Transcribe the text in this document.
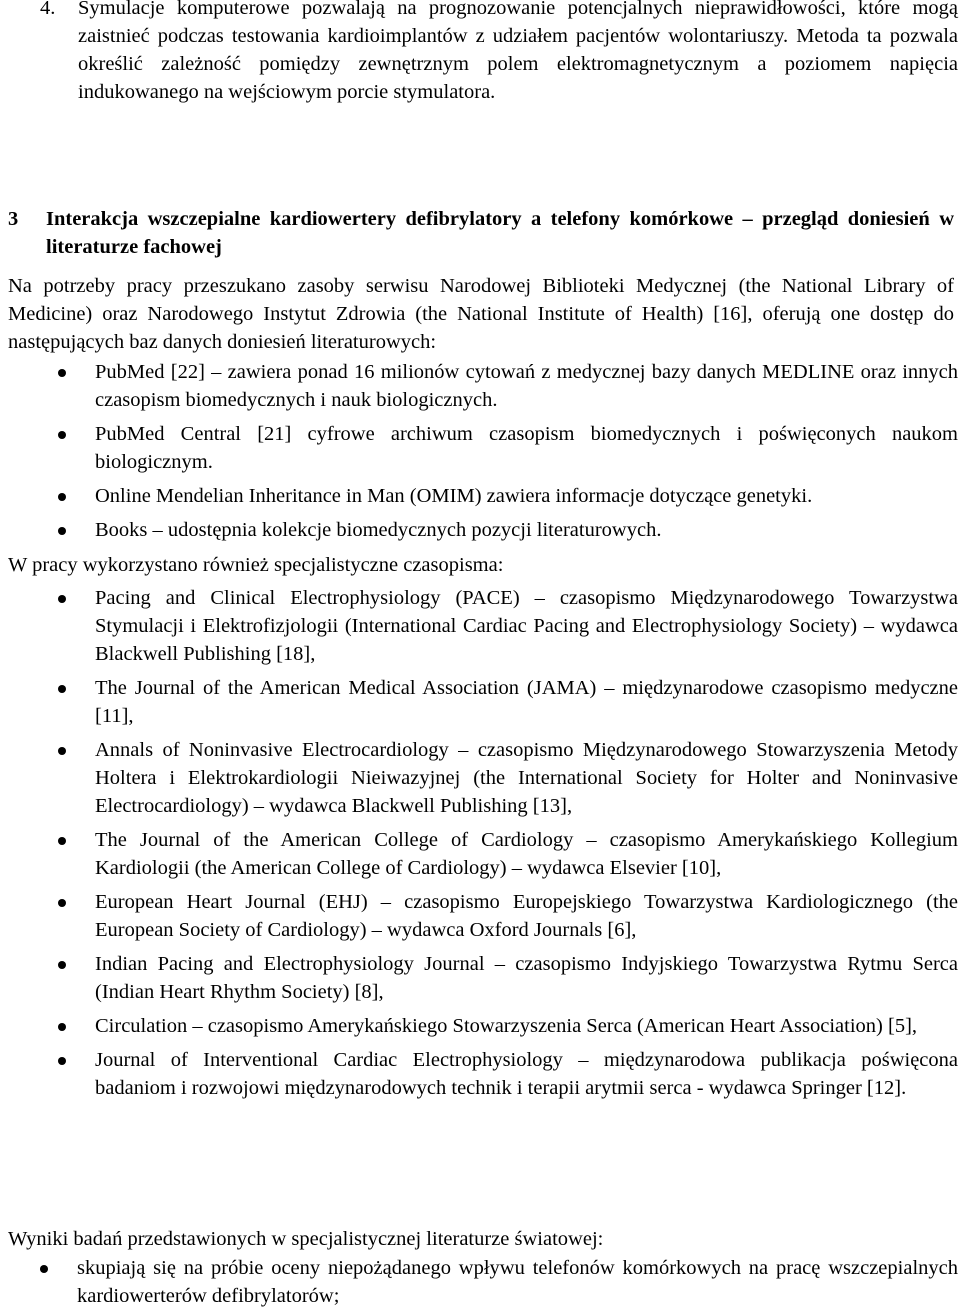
4.	Symulacje komputerowe pozwalają na prognozowanie potencjalnych nieprawidłowości, które mogą zaistnieć podczas testowania kardioimplantów z udziałem pacjentów wolontariuszy. Metoda ta pozwala określić zależność pomiędzy zewnętrznym polem elektromagnetycznym a poziomem napięcia indukowanego na wejściowym porcie stymulatora.
3	Interakcja wszczepialne kardiowertery defibrylatory a telefony komórkowe – przegląd doniesień w literaturze fachowej
Na potrzeby pracy przeszukano zasoby serwisu Narodowej Biblioteki Medycznej (the National Library of Medicine) oraz Narodowego Instytut Zdrowia (the National Institute of Health) [16], oferują one dostęp do następujących baz danych doniesień literaturowych:
PubMed [22] – zawiera ponad 16 milionów cytowań z medycznej bazy danych MEDLINE oraz innych czasopism biomedycznych i nauk biologicznych.
PubMed Central [21] cyfrowe archiwum czasopism biomedycznych i poświęconych naukom biologicznym.
Online Mendelian Inheritance in Man (OMIM) zawiera informacje dotyczące genetyki.
Books – udostępnia kolekcje biomedycznych pozycji literaturowych.
W pracy wykorzystano również specjalistyczne czasopisma:
Pacing and Clinical Electrophysiology (PACE) – czasopismo Międzynarodowego Towarzystwa Stymulacji i Elektrofizjologii (International Cardiac Pacing and Electrophysiology Society) – wydawca Blackwell Publishing [18],
The Journal of the American Medical Association (JAMA) – międzynarodowe czasopismo medyczne [11],
Annals of Noninvasive Electrocardiology – czasopismo Międzynarodowego Stowarzyszenia Metody Holtera i Elektrokardiologii Nieiwazyjnej (the International Society for Holter and Noninvasive Electrocardiology) – wydawca Blackwell Publishing [13],
The Journal of the American College of Cardiology – czasopismo Amerykańskiego Kollegium Kardiologii (the American College of Cardiology) – wydawca Elsevier [10],
European Heart Journal (EHJ) – czasopismo Europejskiego Towarzystwa Kardiologicznego (the European Society of Cardiology) – wydawca Oxford Journals [6],
Indian Pacing and Electrophysiology Journal – czasopismo Indyjskiego Towarzystwa Rytmu Serca (Indian Heart Rhythm Society) [8],
Circulation – czasopismo Amerykańskiego Stowarzyszenia Serca (American Heart Association) [5],
Journal of Interventional Cardiac Electrophysiology – międzynarodowa publikacja poświęcona badaniom i rozwojowi międzynarodowych technik i terapii arytmii serca - wydawca Springer [12].
Wyniki badań przedstawionych w specjalistycznej literaturze światowej:
skupiają się na próbie oceny niepożądanego wpływu telefonów komórkowych na pracę wszczepialnych kardiowerterów defibrylatorów;
